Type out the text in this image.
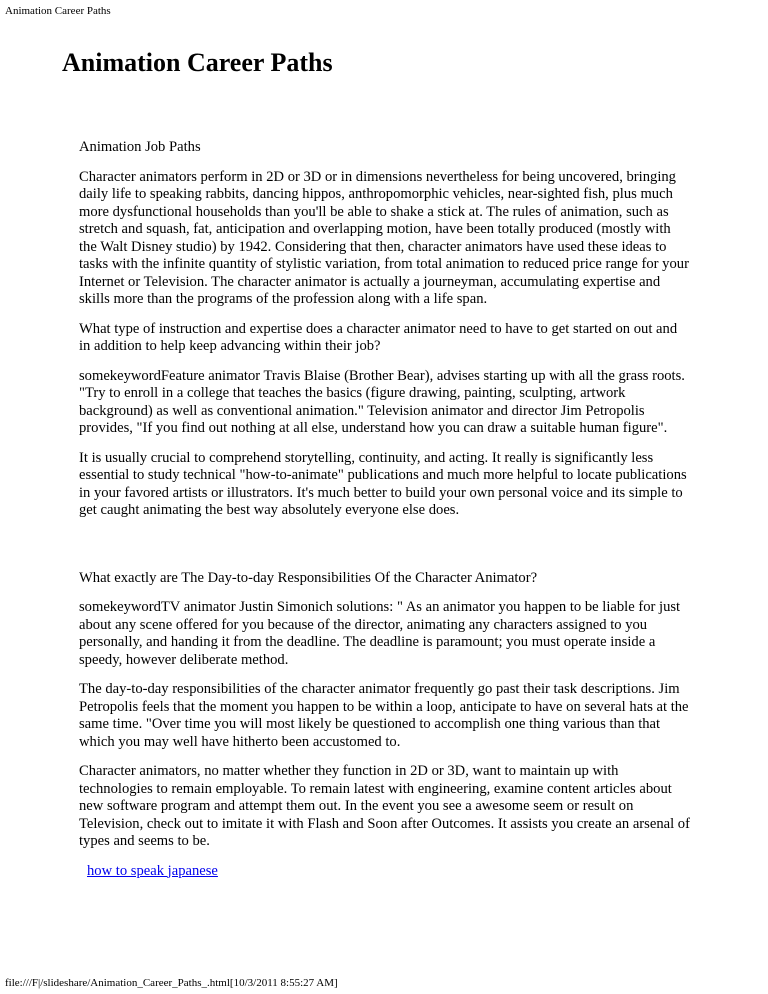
Animation Career Paths
Animation Career Paths

Animation Job Paths

Character animators perform in 2D or 3D or in dimensions nevertheless for being uncovered, bringing daily life to speaking rabbits, dancing hippos, anthropomorphic vehicles, near-sighted fish, plus much more dysfunctional households than you'll be able to shake a stick at. The rules of animation, such as stretch and squash, fat, anticipation and overlapping motion, have been totally produced (mostly with the Walt Disney studio) by 1942. Considering that then, character animators have used these ideas to tasks with the infinite quantity of stylistic variation, from total animation to reduced price range for your Internet or Television. The character animator is actually a journeyman, accumulating expertise and skills more than the programs of the profession along with a life span.

What type of instruction and expertise does a character animator need to have to get started on out and in addition to help keep advancing within their job?

somekeywordFeature animator Travis Blaise (Brother Bear), advises starting up with all the grass roots. "Try to enroll in a college that teaches the basics (figure drawing, painting, sculpting, artwork background) as well as conventional animation." Television animator and director Jim Petropolis provides, "If you find out nothing at all else, understand how you can draw a suitable human figure".

It is usually crucial to comprehend storytelling, continuity, and acting. It really is significantly less essential to study technical "how-to-animate" publications and much more helpful to locate publications in your favored artists or illustrators. It's much better to build your own personal voice and its simple to get caught animating the best way absolutely everyone else does.

What exactly are The Day-to-day Responsibilities Of the Character Animator?

somekeywordTV animator Justin Simonich solutions: " As an animator you happen to be liable for just about any scene offered for you because of the director, animating any characters assigned to you personally, and handing it from the deadline. The deadline is paramount; you must operate inside a speedy, however deliberate method.

The day-to-day responsibilities of the character animator frequently go past their task descriptions. Jim Petropolis feels that the moment you happen to be within a loop, anticipate to have on several hats at the same time. "Over time you will most likely be questioned to accomplish one thing various than that which you may well have hitherto been accustomed to.

Character animators, no matter whether they function in 2D or 3D, want to maintain up with technologies to remain employable. To remain latest with engineering, examine content articles about new software program and attempt them out. In the event you see a awesome seem or result on Television, check out to imitate it with Flash and Soon after Outcomes. It assists you create an arsenal of types and seems to be.

how to speak japanese
file:///F|/slideshare/Animation_Career_Paths_.html[10/3/2011 8:55:27 AM]
